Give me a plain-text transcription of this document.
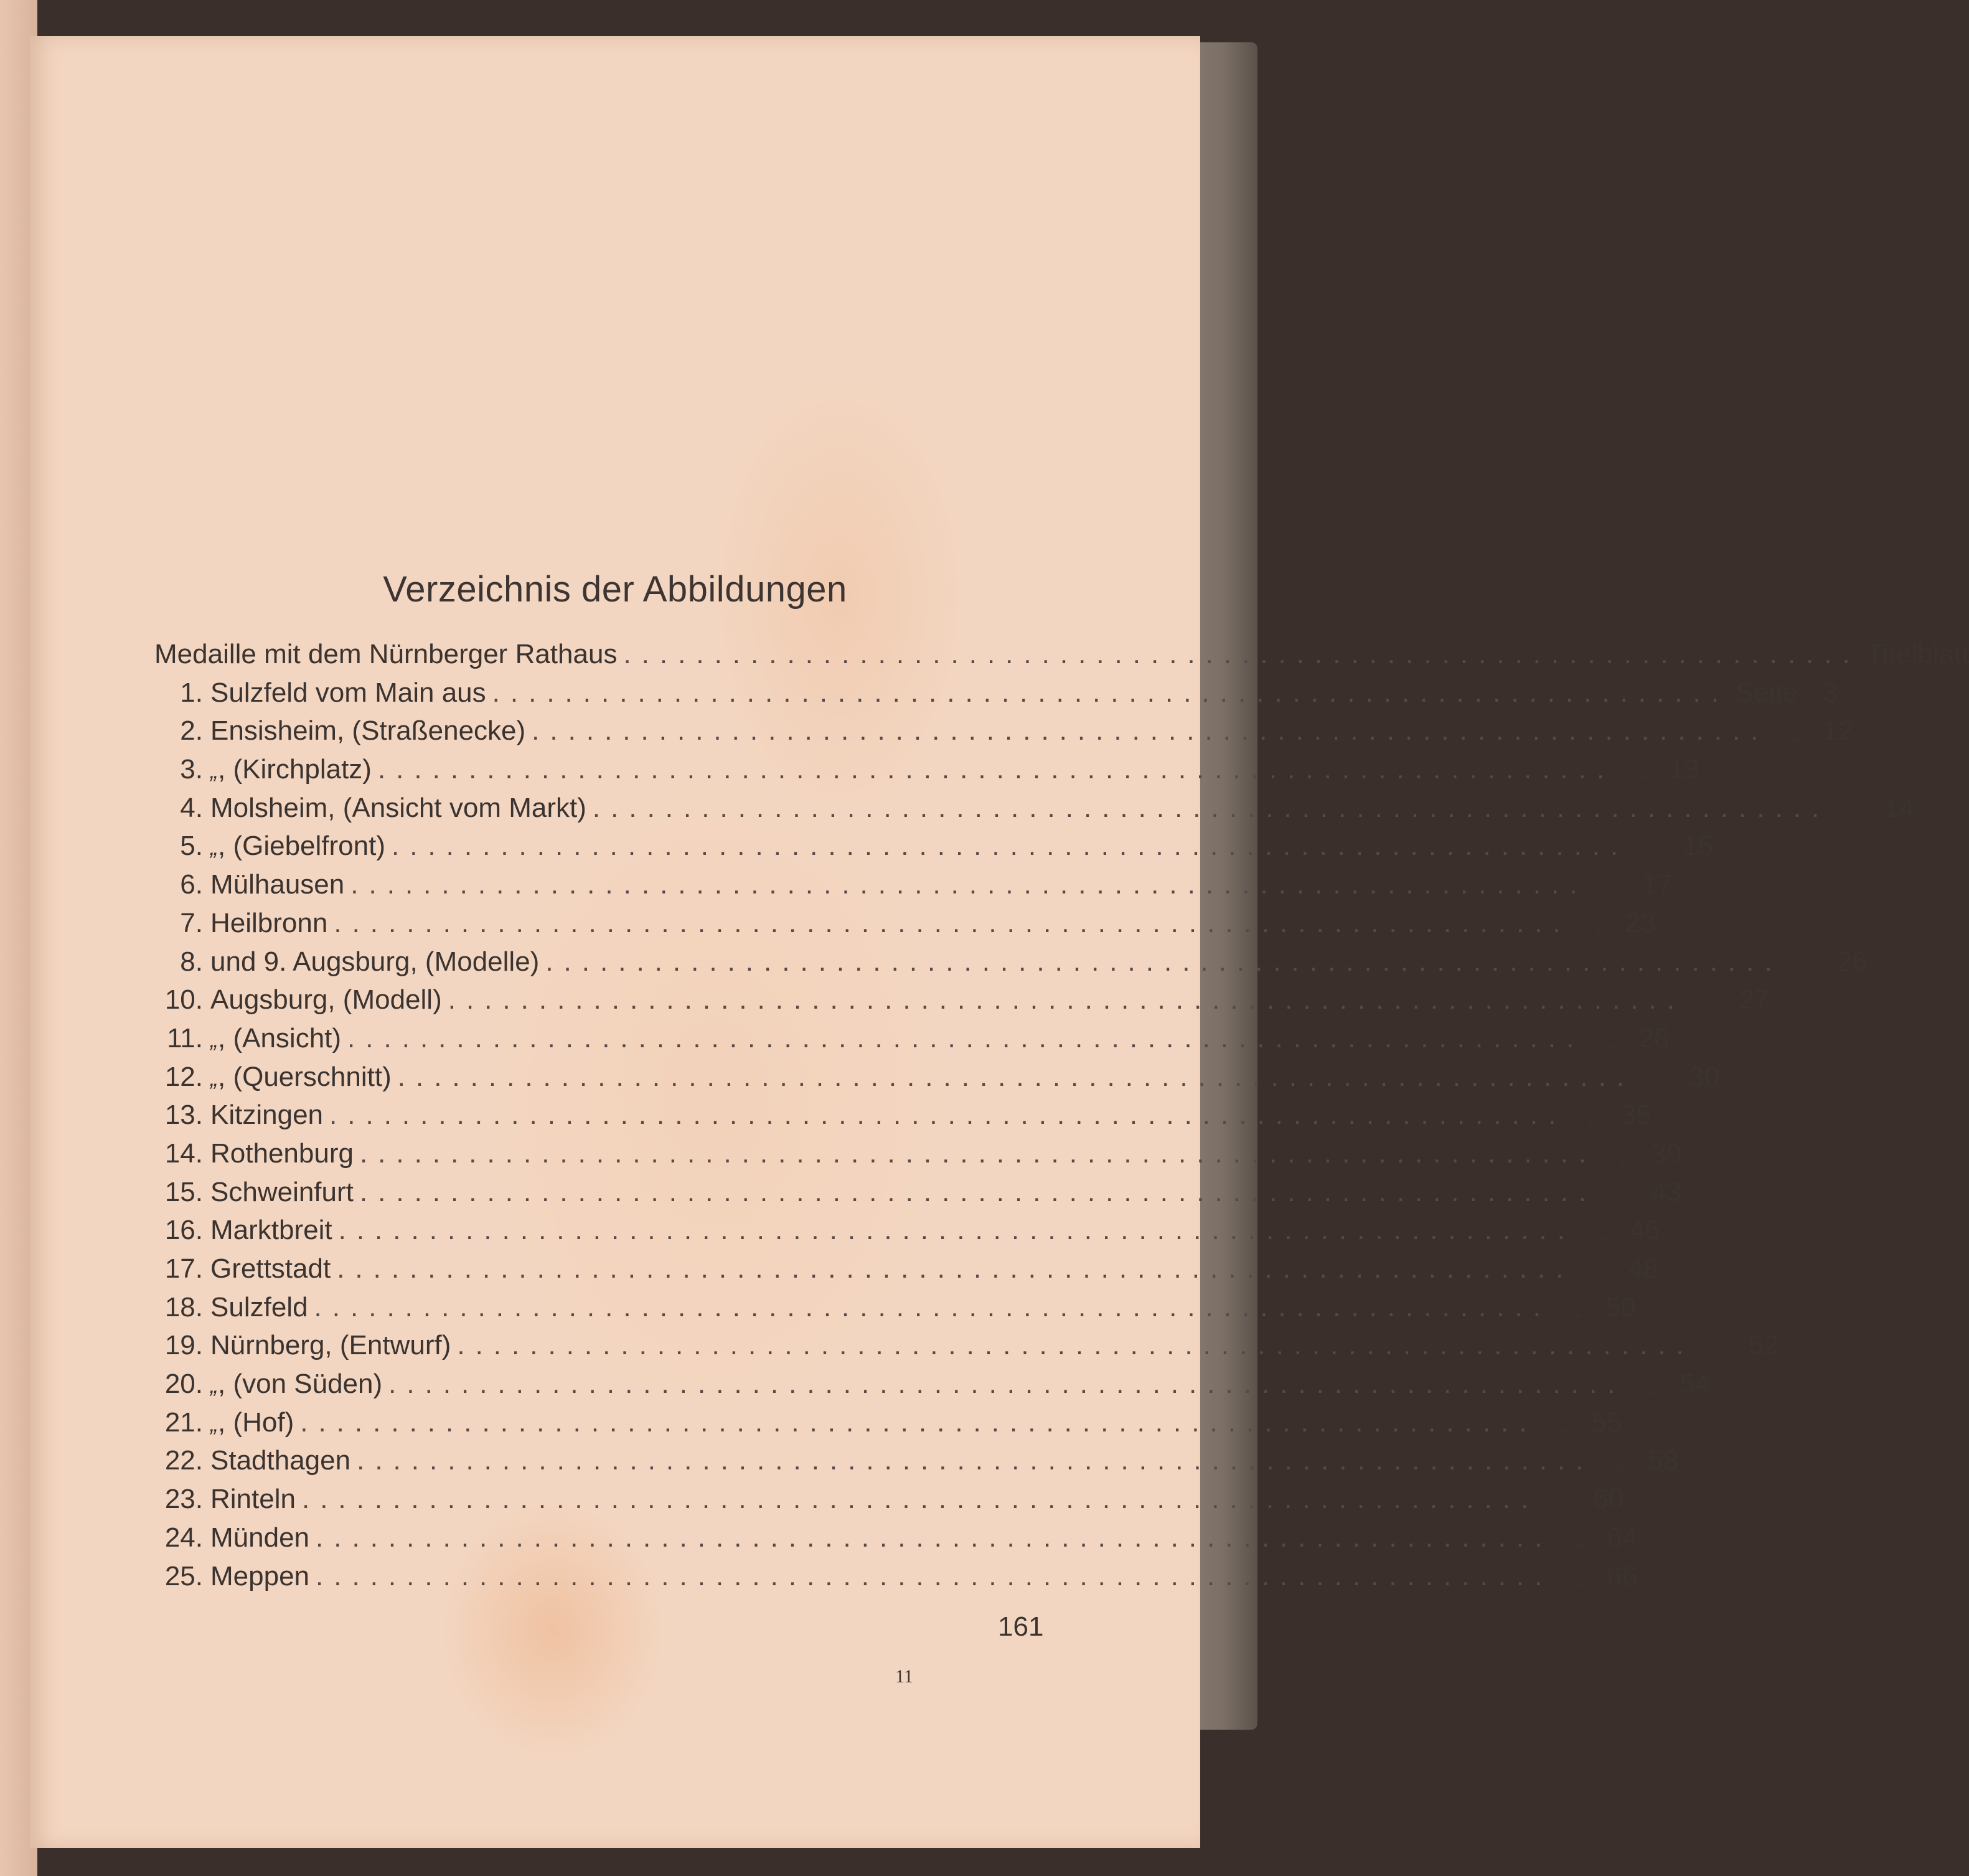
Verzeichnis der Abbildungen
Medaille mit dem Nürnberger Rathaus .................................................................... Titelblatt
1. Sulzfeld vom Main aus .................................................................... Seite 3
2. Ensisheim, (Straßenecke) ....................................................................	„ 12
3. „ , (Kirchplatz) ....................................................................	„ 13
4. Molsheim, (Ansicht vom Markt) ....................................................................	„ 14
5. „ , (Giebelfront) ....................................................................	„ 15
6. Mülhausen ....................................................................	„ 17
7. Heilbronn ....................................................................	„ 23
8. und 9. Augsburg, (Modelle) ....................................................................	„ 26
10. Augsburg, (Modell) ....................................................................	„ 27
11. „ , (Ansicht) ....................................................................	„ 28
12. „ , (Querschnitt) ....................................................................	„ 30
13. Kitzingen ....................................................................	„ 35
14. Rothenburg ....................................................................	„ 39
15. Schweinfurt ....................................................................	„ 43
16. Marktbreit ....................................................................	„ 46
17. Grettstadt ....................................................................	„ 48
18. Sulzfeld ....................................................................	„ 50
19. Nürnberg, (Entwurf) ....................................................................	„ 52
20. „ , (von Süden) ....................................................................	„ 54
21. „ , (Hof) ....................................................................	„ 55
22. Stadthagen ....................................................................	„ 58
23. Rinteln ....................................................................	„ 60
24. Münden ....................................................................	„ 64
25. Meppen ....................................................................	„ 66
161
11
